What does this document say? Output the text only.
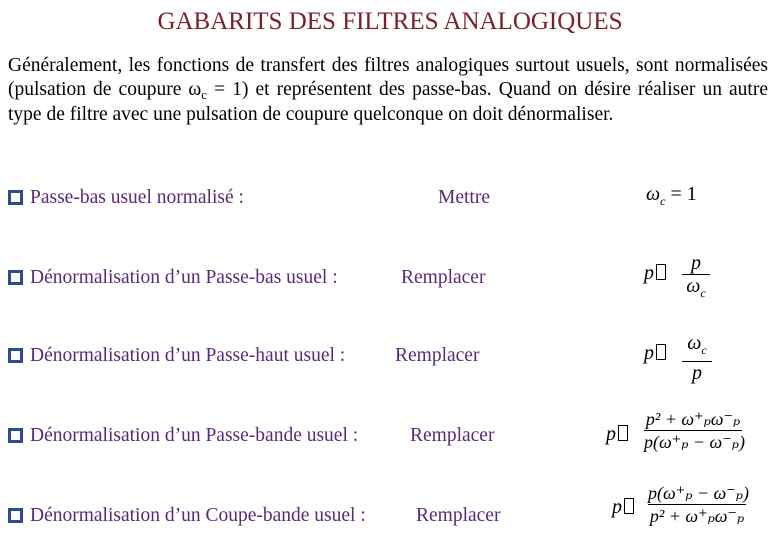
GABARITS DES FILTRES ANALOGIQUES
Généralement, les fonctions de transfert des filtres analogiques surtout usuels, sont normalisées (pulsation de coupure $\omega_c = 1$) et représentent des passe-bas. Quand on désire réaliser un autre type de filtre avec une pulsation de coupure quelconque on doit dénormaliser.
Passe-bas usuel normalisé :	Mettre	$\omega_c = 1$
Dénormalisation d’un Passe-bas usuel :	Remplacer	p	p
$\omega_c$
Dénormalisation d’un Passe-haut usuel :	Remplacer	p	$\omega_c$
p
Dénormalisation d’un Passe-bande usuel :	Remplacer	p
p² + ω⁺ₚω⁻ₚ
p(ω⁺ₚ − ω⁻ₚ)
Dénormalisation d’un Coupe-bande usuel :	Remplacer	p
p(ω⁺ₚ − ω⁻ₚ)
p² + ω⁺ₚω⁻ₚ
